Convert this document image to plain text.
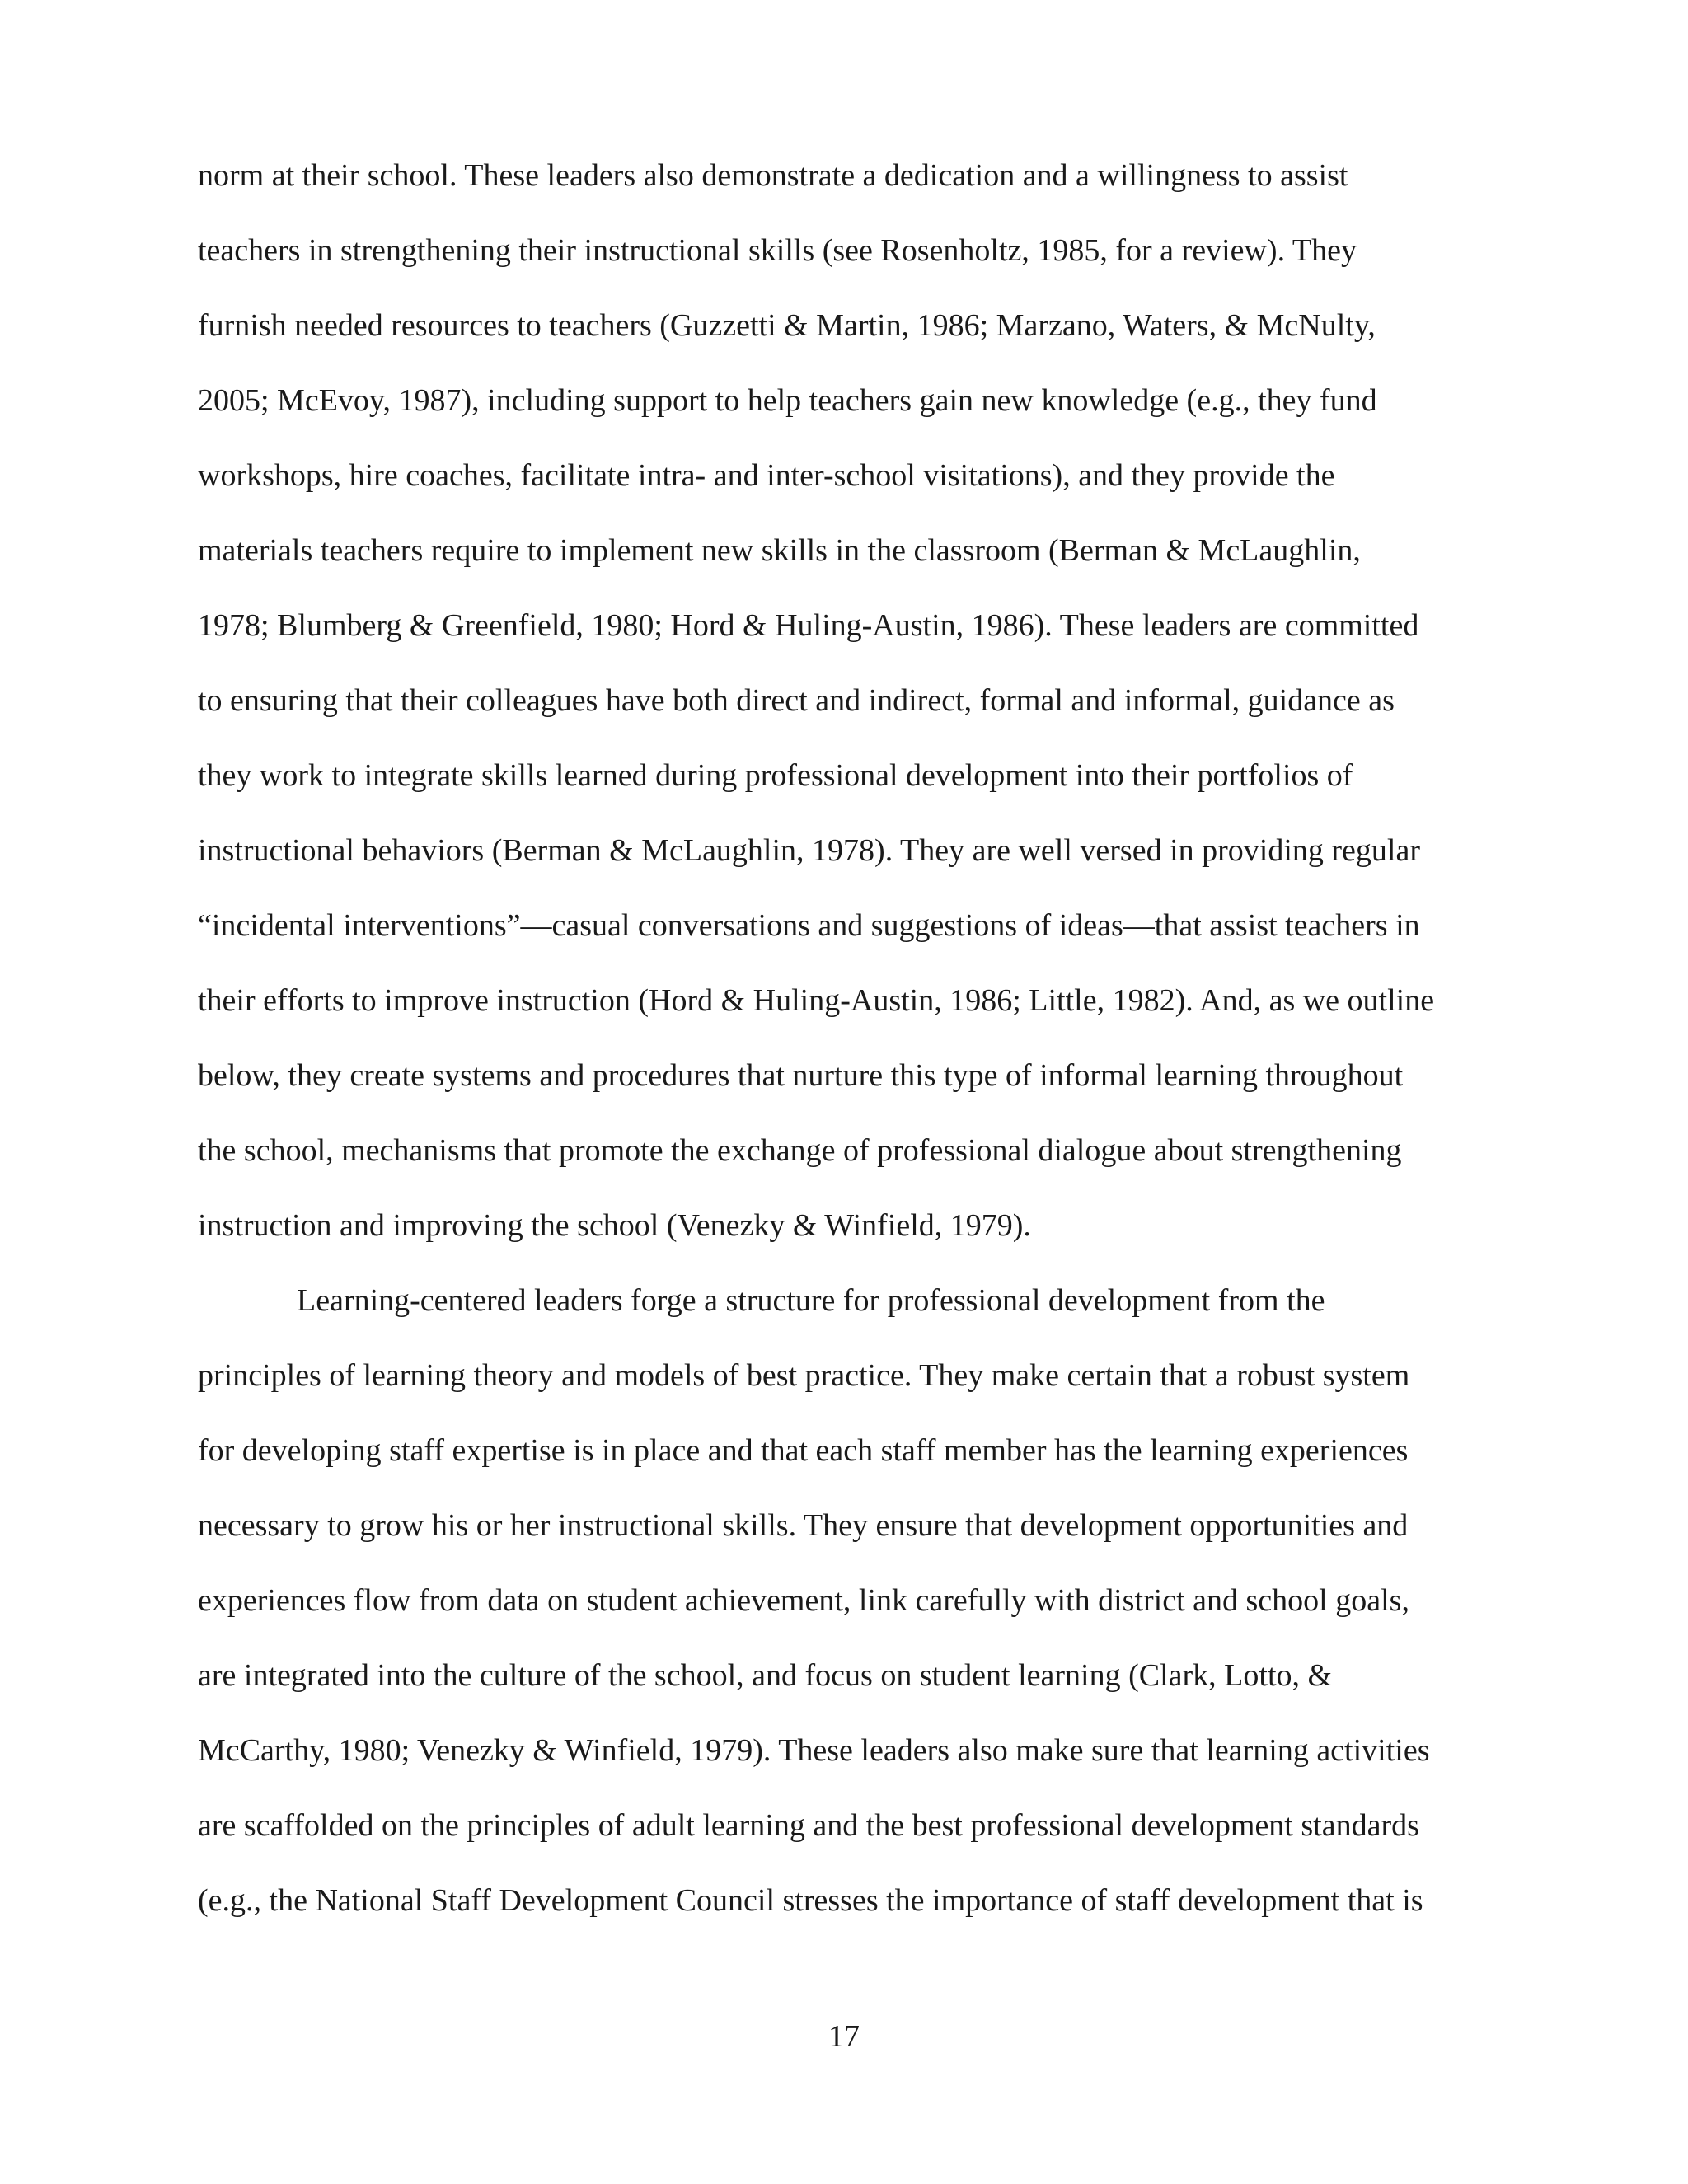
norm at their school. These leaders also demonstrate a dedication and a willingness to assist
teachers in strengthening their instructional skills (see Rosenholtz, 1985, for a review). They
furnish needed resources to teachers (Guzzetti & Martin, 1986; Marzano, Waters, & McNulty,
2005; McEvoy, 1987), including support to help teachers gain new knowledge (e.g., they fund
workshops, hire coaches, facilitate intra- and inter-school visitations), and they provide the
materials teachers require to implement new skills in the classroom (Berman & McLaughlin,
1978; Blumberg & Greenfield, 1980; Hord & Huling-Austin, 1986). These leaders are committed
to ensuring that their colleagues have both direct and indirect, formal and informal, guidance as
they work to integrate skills learned during professional development into their portfolios of
instructional behaviors (Berman & McLaughlin, 1978). They are well versed in providing regular
“incidental interventions”—casual conversations and suggestions of ideas—that assist teachers in
their efforts to improve instruction (Hord & Huling-Austin, 1986; Little, 1982). And, as we outline
below, they create systems and procedures that nurture this type of informal learning throughout
the school, mechanisms that promote the exchange of professional dialogue about strengthening
instruction and improving the school (Venezky & Winfield, 1979).
Learning-centered leaders forge a structure for professional development from the
principles of learning theory and models of best practice. They make certain that a robust system
for developing staff expertise is in place and that each staff member has the learning experiences
necessary to grow his or her instructional skills. They ensure that development opportunities and
experiences flow from data on student achievement, link carefully with district and school goals,
are integrated into the culture of the school, and focus on student learning (Clark, Lotto, &
McCarthy, 1980; Venezky & Winfield, 1979). These leaders also make sure that learning activities
are scaffolded on the principles of adult learning and the best professional development standards
(e.g., the National Staff Development Council stresses the importance of staff development that is
17
